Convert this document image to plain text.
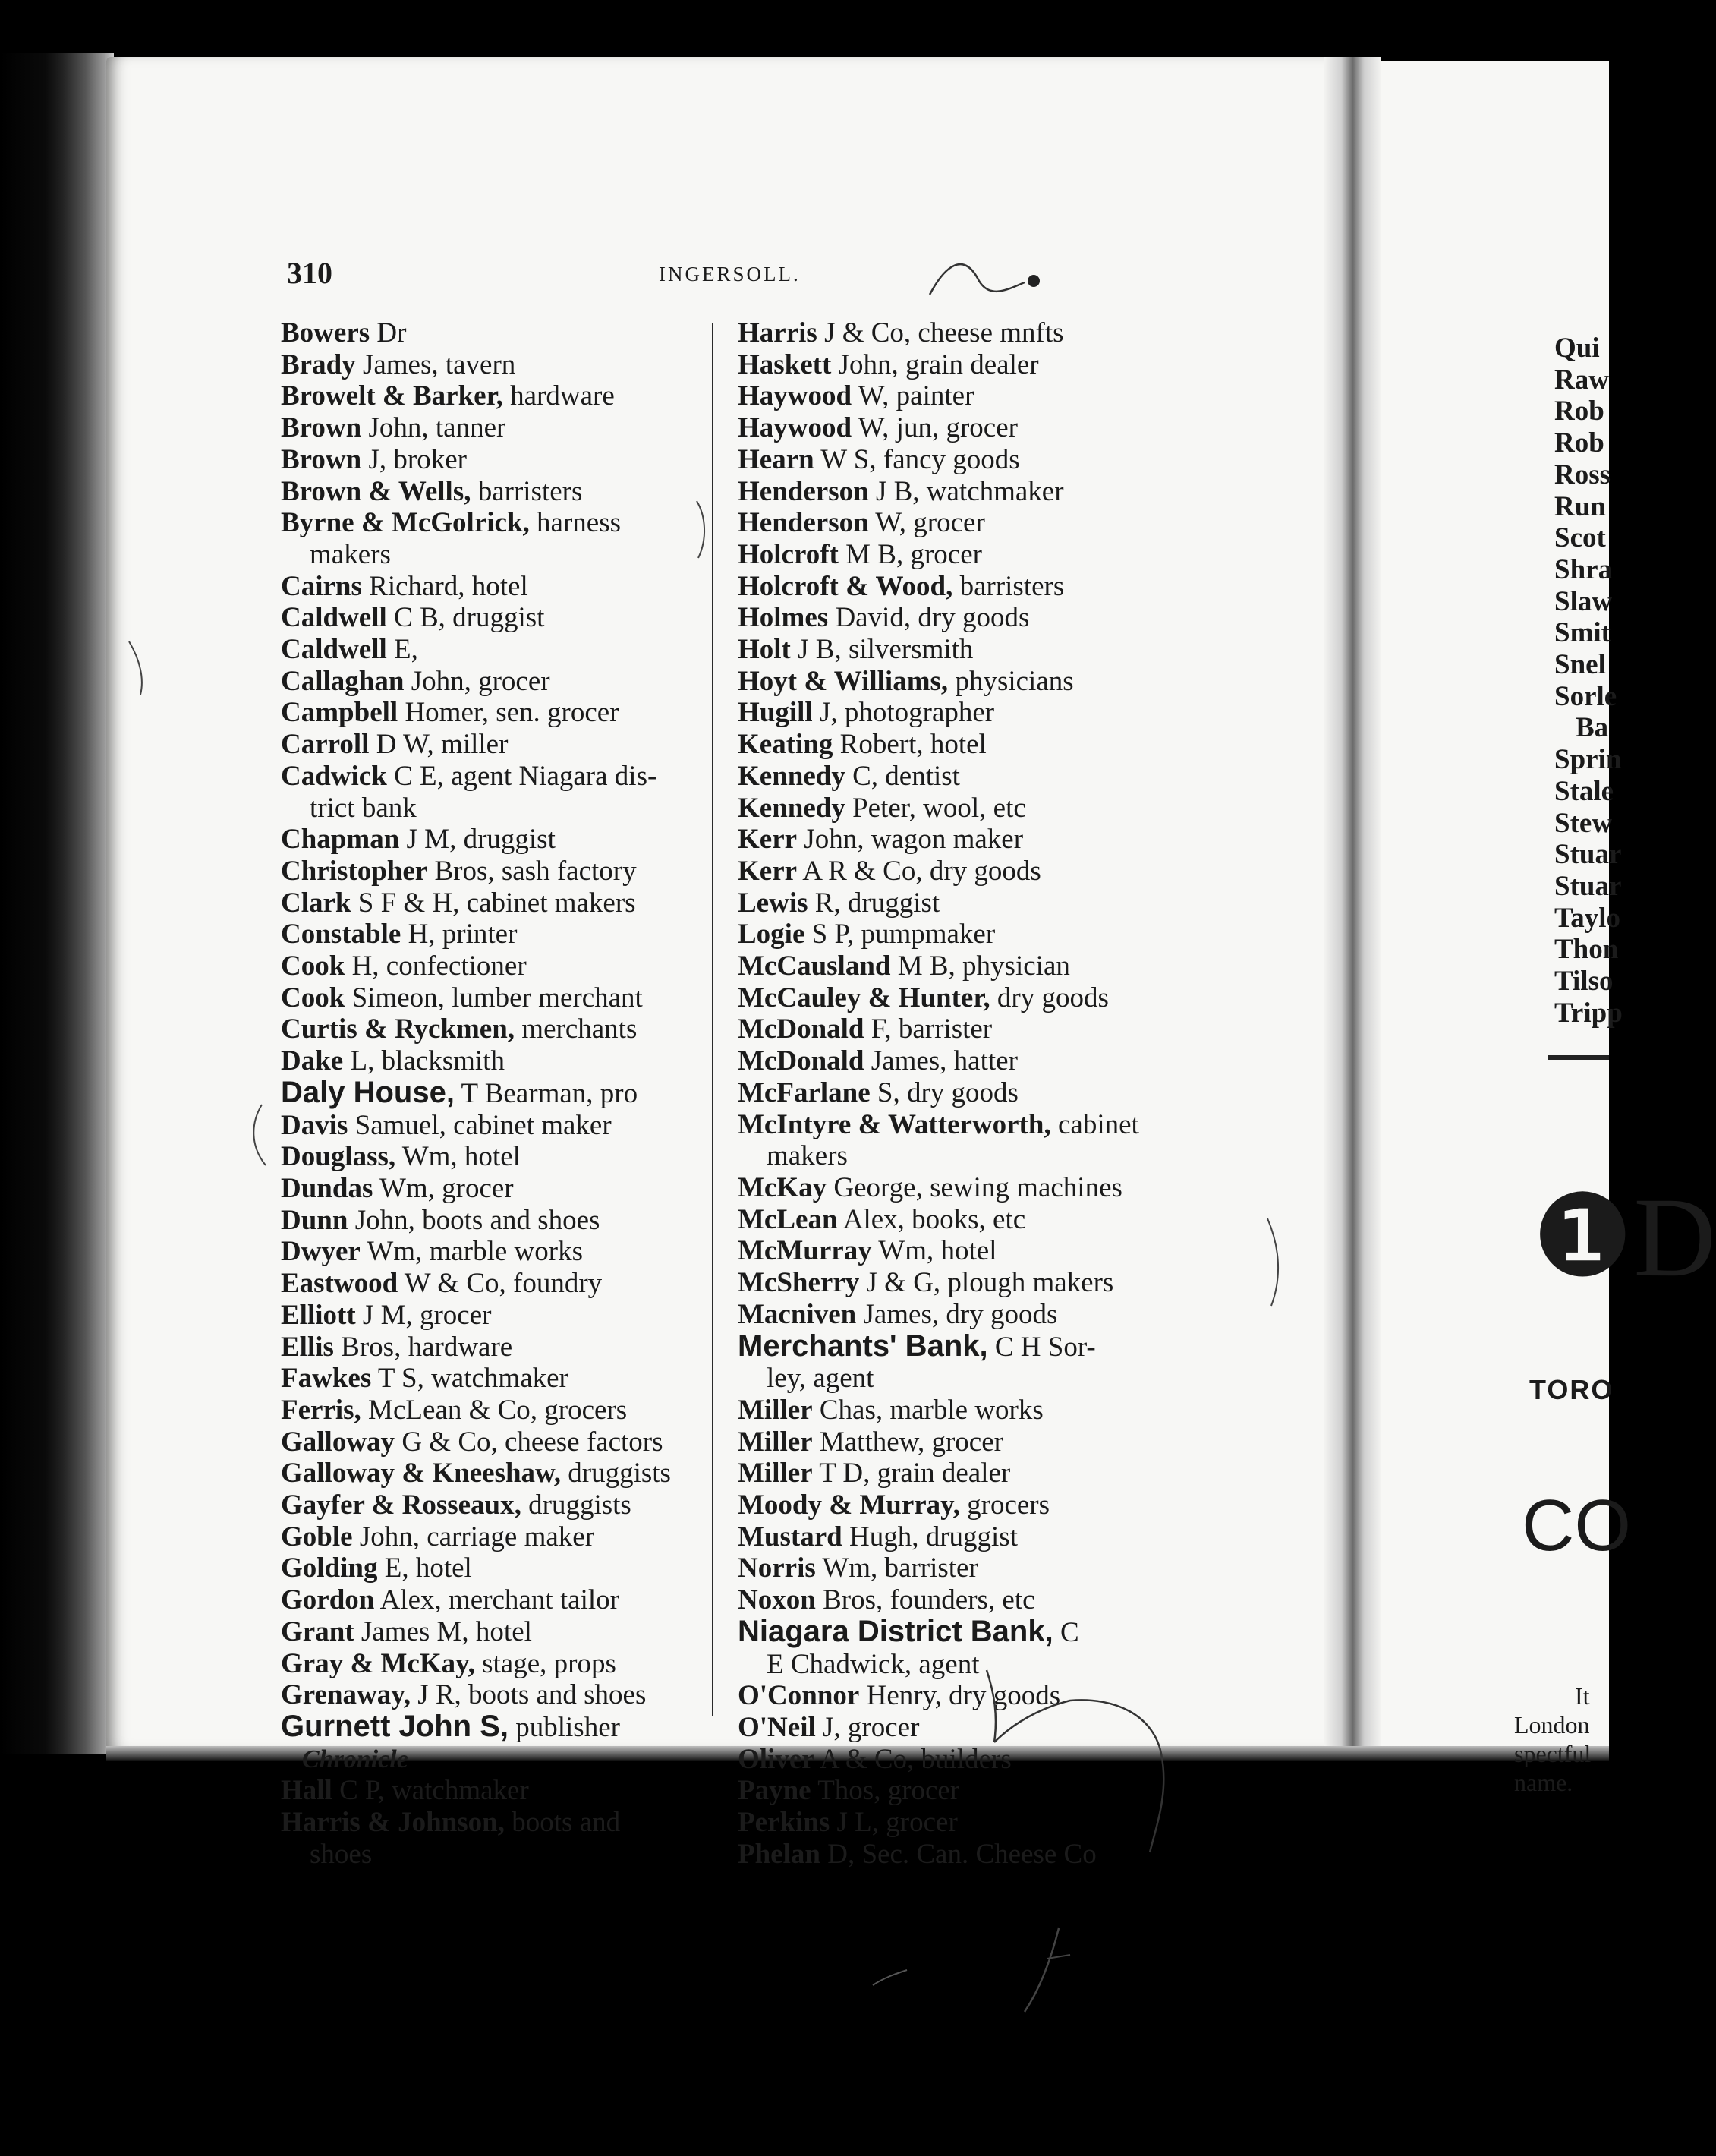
310	INGERSOLL.
Bowers Dr
Brady James, tavern
Browelt & Barker, hardware
Brown John, tanner
Brown J, broker
Brown & Wells, barristers
Byrne & McGolrick, harness
makers
Cairns Richard, hotel
Caldwell C B, druggist
Caldwell E,
Callaghan John, grocer
Campbell Homer, sen. grocer
Carroll D W, miller
Cadwick C E, agent Niagara dis-
trict bank
Chapman J M, druggist
Christopher Bros, sash factory
Clark S F & H, cabinet makers
Constable H, printer
Cook H, confectioner
Cook Simeon, lumber merchant
Curtis & Ryckmen, merchants
Dake L, blacksmith
Daly House, T Bearman, pro
Davis Samuel, cabinet maker
Douglass, Wm, hotel
Dundas Wm, grocer
Dunn John, boots and shoes
Dwyer Wm, marble works
Eastwood W & Co, foundry
Elliott J M, grocer
Ellis Bros, hardware
Fawkes T S, watchmaker
Ferris, McLean & Co, grocers
Galloway G & Co, cheese factors
Galloway & Kneeshaw, druggists
Gayfer & Rosseaux, druggists
Goble John, carriage maker
Golding E, hotel
Gordon Alex, merchant tailor
Grant James M, hotel
Gray & McKay, stage, props
Grenaway, J R, boots and shoes
Gurnett John S, publisher
Chronicle
Hall C P, watchmaker
Harris & Johnson, boots and
shoes
Harris J & Co, cheese mnfts
Haskett John, grain dealer
Haywood W, painter
Haywood W, jun, grocer
Hearn W S, fancy goods
Henderson J B, watchmaker
Henderson W, grocer
Holcroft M B, grocer
Holcroft & Wood, barristers
Holmes David, dry goods
Holt J B, silversmith
Hoyt & Williams, physicians
Hugill J, photographer
Keating Robert, hotel
Kennedy C, dentist
Kennedy Peter, wool, etc
Kerr John, wagon maker
Kerr A R & Co, dry goods
Lewis R, druggist
Logie S P, pumpmaker
McCausland M B, physician
McCauley & Hunter, dry goods
McDonald F, barrister
McDonald James, hatter
McFarlane S, dry goods
McIntyre & Watterworth, cabinet
makers
McKay George, sewing machines
McLean Alex, books, etc
McMurray Wm, hotel
McSherry J & G, plough makers
Macniven James, dry goods
Merchants' Bank, C H Sor-
ley, agent
Miller Chas, marble works
Miller Matthew, grocer
Miller T D, grain dealer
Moody & Murray, grocers
Mustard Hugh, druggist
Norris Wm, barrister
Noxon Bros, founders, etc
Niagara District Bank, C
E Chadwick, agent
O'Connor Henry, dry goods
O'Neil J, grocer
Oliver A & Co, builders
Payne Thos, grocer
Perkins J L, grocer
Phelan D, Sec. Can. Cheese Co
Qui
Raw
Rob
Rob
Ross
Run
Scot
Shra
Slaw
Smit
Snel
Sorle
Ba
Sprin
Stale
Stew
Stuar
Stuar
Taylo
Thon
Tilso
Tripp
❶D
TORO
CO
It
London
spectful
name.
